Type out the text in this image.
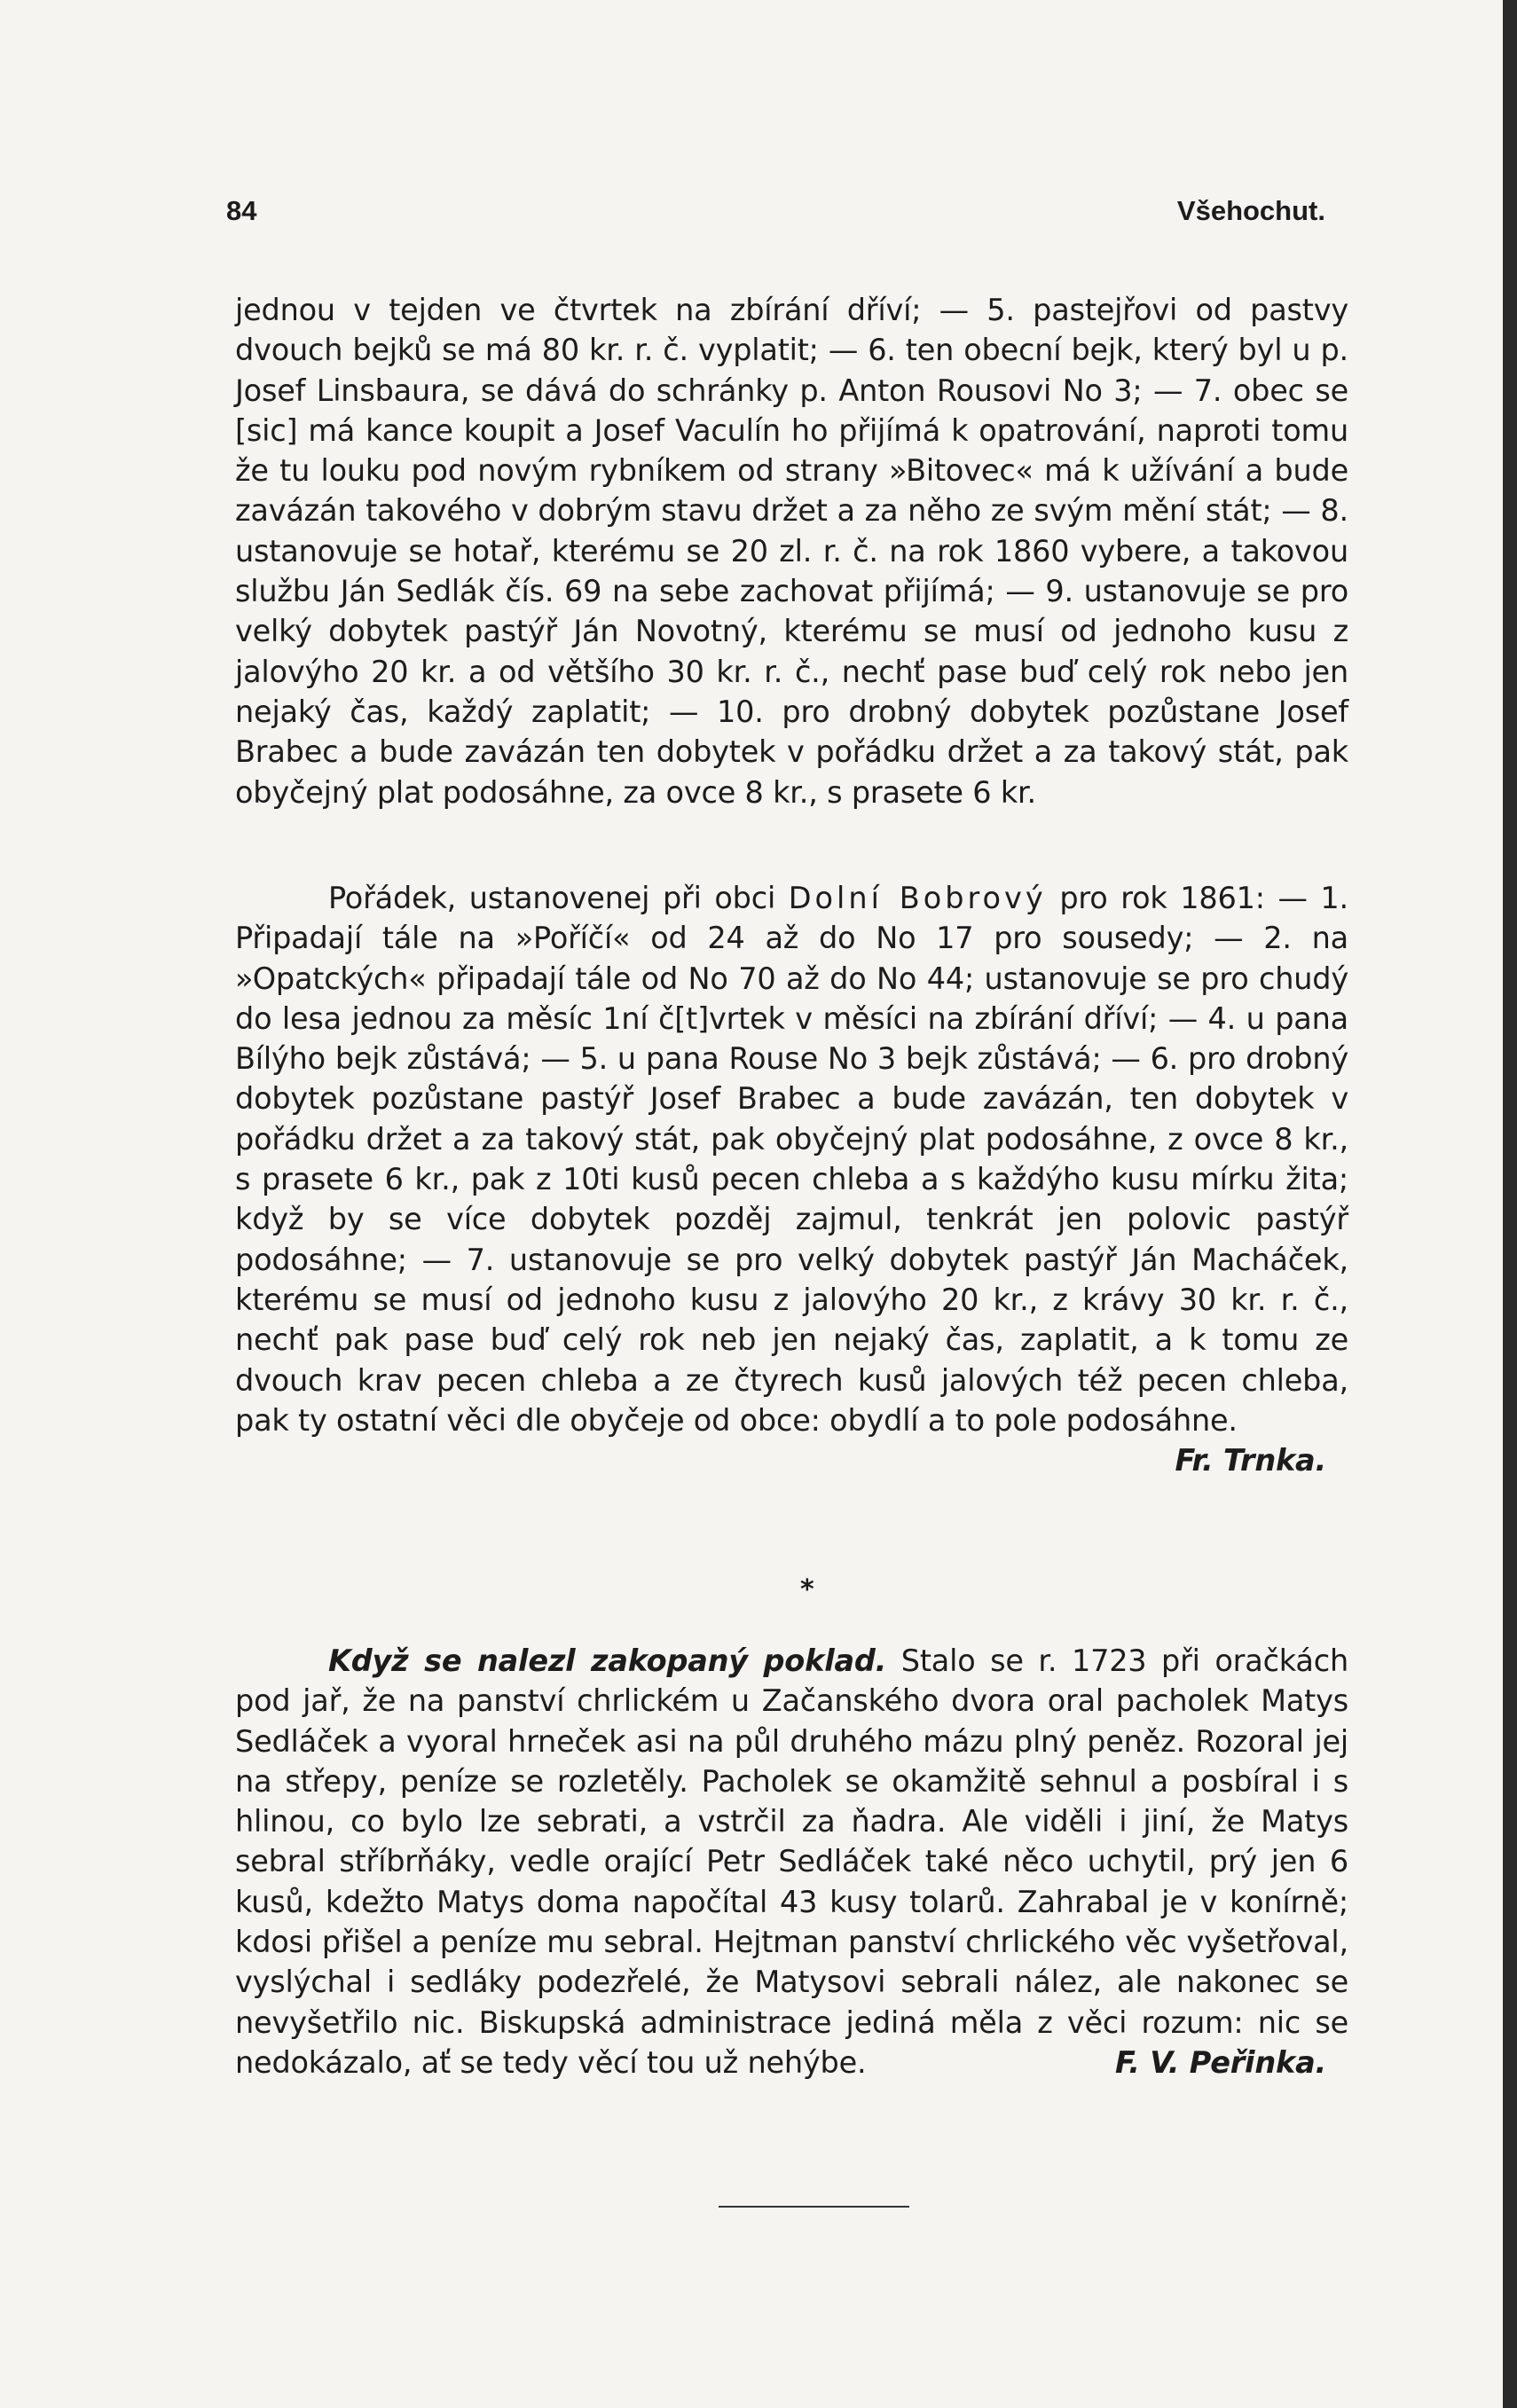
84	Všehochut.

jednou v tejden ve čtvrtek na zbírání dříví; — 5. pastejřovi od pastvy dvouch bejků se má 80 kr. r. č. vyplatit; — 6. ten obecní bejk, který byl u p. Josef Linsbaura, se dává do schránky p. Anton Rousovi No 3; — 7. obec se [sic] má kance koupit a Josef Vaculín ho přijímá k opatrování, naproti tomu že tu louku pod novým rybníkem od strany »Bitovec« má k užívání a bude zavázán takového v dobrým stavu držet a za něho ze svým mění stát; — 8. ustanovuje se hotař, kterému se 20 zl. r. č. na rok 1860 vybere, a takovou službu Ján Sedlák čís. 69 na sebe zachovat přijímá; — 9. ustanovuje se pro velký dobytek pastýř Ján Novotný, kterému se musí od jednoho kusu z jalovýho 20 kr. a od většího 30 kr. r. č., nechť pase buď celý rok nebo jen nejaký čas, každý zaplatit; — 10. pro drobný dobytek pozůstane Josef Brabec a bude zavázán ten dobytek v pořádku držet a za takový stát, pak obyčejný plat podosáhne, za ovce 8 kr., s prasete 6 kr.

Pořádek, ustanovenej při obci Dolní Bobrový pro rok 1861: — 1. Připadají tále na »Poříčí« od 24 až do No 17 pro sousedy; — 2. na »Opatckých« připadají tále od No 70 až do No 44; ustanovuje se pro chudý do lesa jednou za měsíc 1ní č[t]vrtek v měsíci na zbírání dříví; — 4. u pana Bílýho bejk zůstává; — 5. u pana Rouse No 3 bejk zůstává; — 6. pro drobný dobytek pozůstane pastýř Josef Brabec a bude zavázán, ten dobytek v pořádku držet a za takový stát, pak obyčejný plat podosáhne, z ovce 8 kr., s prasete 6 kr., pak z 10ti kusů pecen chleba a s každýho kusu mírku žita; když by se více dobytek pozděj zajmul, tenkrát jen polovic pastýř podosáhne; — 7. ustanovuje se pro velký dobytek pastýř Ján Macháček, kterému se musí od jednoho kusu z jalovýho 20 kr., z krávy 30 kr. r. č., nechť pak pase buď celý rok neb jen nejaký čas, zaplatit, a k tomu ze dvouch krav pecen chleba a ze čtyrech kusů jalových též pecen chleba, pak ty ostatní věci dle obyčeje od obce: obydlí a to pole podosáhne.
Fr. Trnka.

*

Když se nalezl zakopaný poklad. Stalo se r. 1723 při oračkách pod jař, že na panství chrlickém u Začanského dvora oral pacholek Matys Sedláček a vyoral hrneček asi na půl druhého mázu plný peněz. Rozoral jej na střepy, peníze se rozletěly. Pacholek se okamžitě sehnul a posbíral i s hlinou, co bylo lze sebrati, a vstrčil za ňadra. Ale viděli i jiní, že Matys sebral stříbrňáky, vedle orající Petr Sedláček také něco uchytil, prý jen 6 kusů, kdežto Matys doma napočítal 43 kusy tolarů. Zahrabal je v konírně; kdosi přišel a peníze mu sebral. Hejtman panství chrlického věc vyšetřoval, vyslýchal i sedláky podezřelé, že Matysovi sebrali nález, ale nakonec se nevyšetřilo nic. Biskupská administrace jediná měla z věci rozum: nic se nedokázalo, ať se tedy věcí tou už nehýbe.	F. V. Peřinka.
